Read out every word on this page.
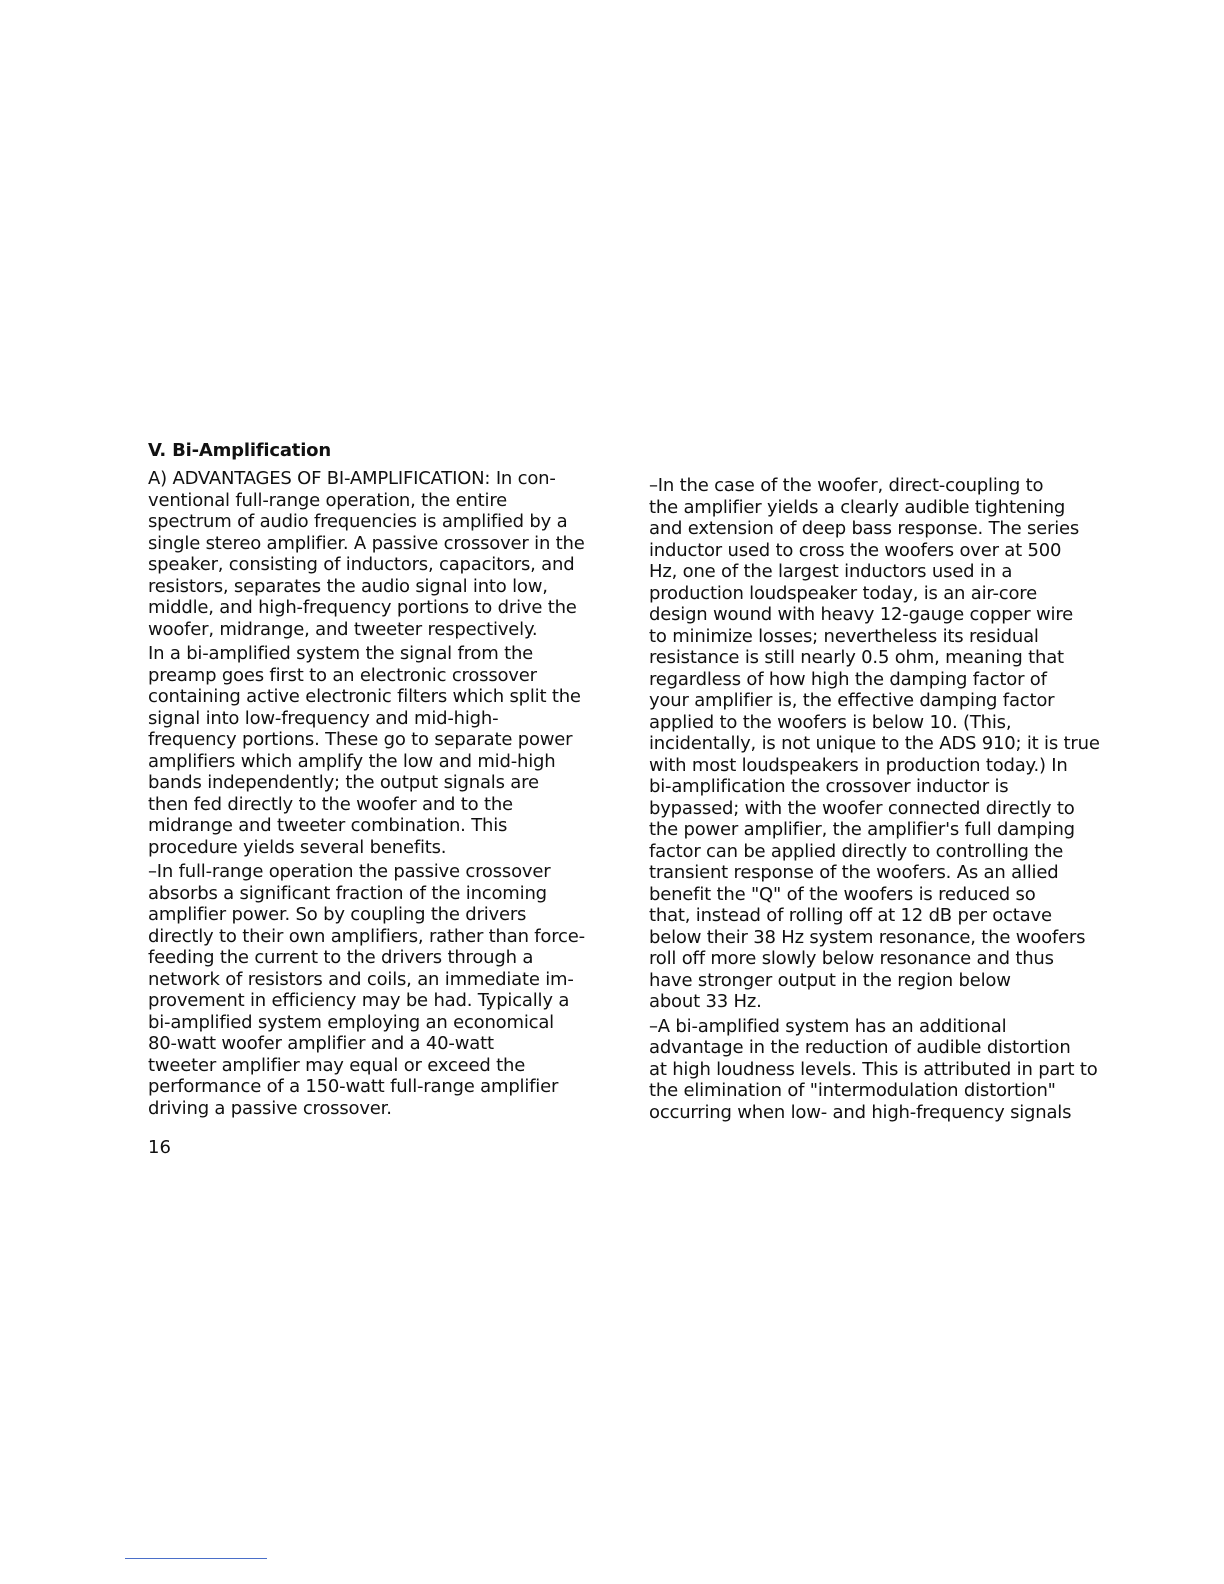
V. Bi-Amplification

A) ADVANTAGES OF BI-AMPLIFICATION: In con-
ventional full-range operation, the entire
spectrum of audio frequencies is amplified by a
single stereo amplifier. A passive crossover in the
speaker, consisting of inductors, capacitors, and
resistors, separates the audio signal into low,
middle, and high-frequency portions to drive the
woofer, midrange, and tweeter respectively.

In a bi-amplified system the signal from the
preamp goes first to an electronic crossover
containing active electronic filters which split the
signal into low-frequency and mid-high-
frequency portions. These go to separate power
amplifiers which amplify the low and mid-high
bands independently; the output signals are
then fed directly to the woofer and to the
midrange and tweeter combination. This
procedure yields several benefits.

–In full-range operation the passive crossover
absorbs a significant fraction of the incoming
amplifier power. So by coupling the drivers
directly to their own amplifiers, rather than force-
feeding the current to the drivers through a
network of resistors and coils, an immediate im-
provement in efficiency may be had. Typically a
bi-amplified system employing an economical
80-watt woofer amplifier and a 40-watt
tweeter amplifier may equal or exceed the
performance of a 150-watt full-range amplifier
driving a passive crossover.

–In the case of the woofer, direct-coupling to
the amplifier yields a clearly audible tightening
and extension of deep bass response. The series
inductor used to cross the woofers over at 500
Hz, one of the largest inductors used in a
production loudspeaker today, is an air-core
design wound with heavy 12-gauge copper wire
to minimize losses; nevertheless its residual
resistance is still nearly 0.5 ohm, meaning that
regardless of how high the damping factor of
your amplifier is, the effective damping factor
applied to the woofers is below 10. (This,
incidentally, is not unique to the ADS 910; it is true
with most loudspeakers in production today.) In
bi-amplification the crossover inductor is
bypassed; with the woofer connected directly to
the power amplifier, the amplifier's full damping
factor can be applied directly to controlling the
transient response of the woofers. As an allied
benefit the "Q" of the woofers is reduced so
that, instead of rolling off at 12 dB per octave
below their 38 Hz system resonance, the woofers
roll off more slowly below resonance and thus
have stronger output in the region below
about 33 Hz.

–A bi-amplified system has an additional
advantage in the reduction of audible distortion
at high loudness levels. This is attributed in part to
the elimination of "intermodulation distortion"
occurring when low- and high-frequency signals

16
